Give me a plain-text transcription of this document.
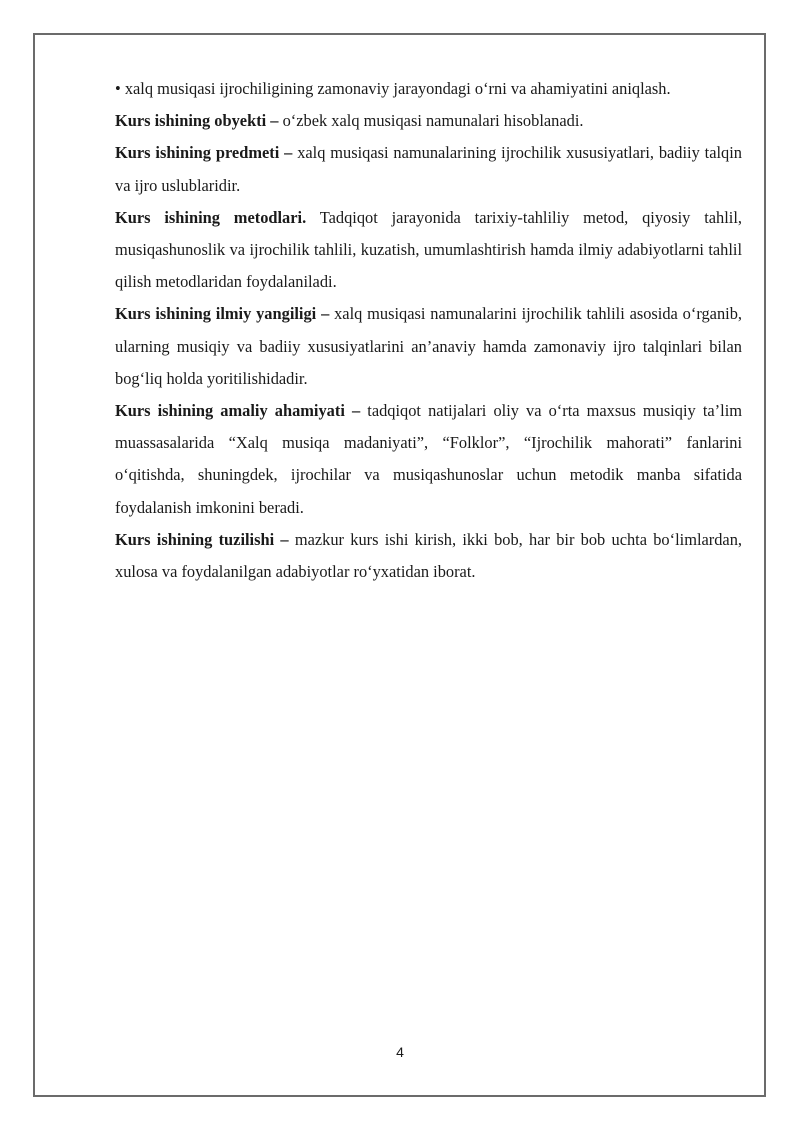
• xalq musiqasi ijrochiligining zamonaviy jarayondagi o‘rni va ahamiyatini aniqlash.

Kurs ishining obyekti – o‘zbek xalq musiqasi namunalari hisoblanadi.

Kurs ishining predmeti – xalq musiqasi namunalarining ijrochilik xususiyatlari, badiiy talqin va ijro uslublaridir.

Kurs ishining metodlari. Tadqiqot jarayonida tarixiy-tahliliy metod, qiyosiy tahlil, musiqashunoslik va ijrochilik tahlili, kuzatish, umumlashtirish hamda ilmiy adabiyotlarni tahlil qilish metodlaridan foydalaniladi.

Kurs ishining ilmiy yangiligi – xalq musiqasi namunalarini ijrochilik tahlili asosida o‘rganib, ularning musiqiy va badiiy xususiyatlarini an’anaviy hamda zamonaviy ijro talqinlari bilan bog‘liq holda yoritilishidadir.

Kurs ishining amaliy ahamiyati – tadqiqot natijalari oliy va o‘rta maxsus musiqiy ta’lim muassasalarida “Xalq musiqa madaniyati”, “Folklor”, “Ijrochilik mahorati” fanlarini o‘qitishda, shuningdek, ijrochilar va musiqashunoslar uchun metodik manba sifatida foydalanish imkonini beradi.

Kurs ishining tuzilishi – mazkur kurs ishi kirish, ikki bob, har bir bob uchta bo‘limlardan, xulosa va foydalanilgan adabiyotlar ro‘yxatidan iborat.

4
